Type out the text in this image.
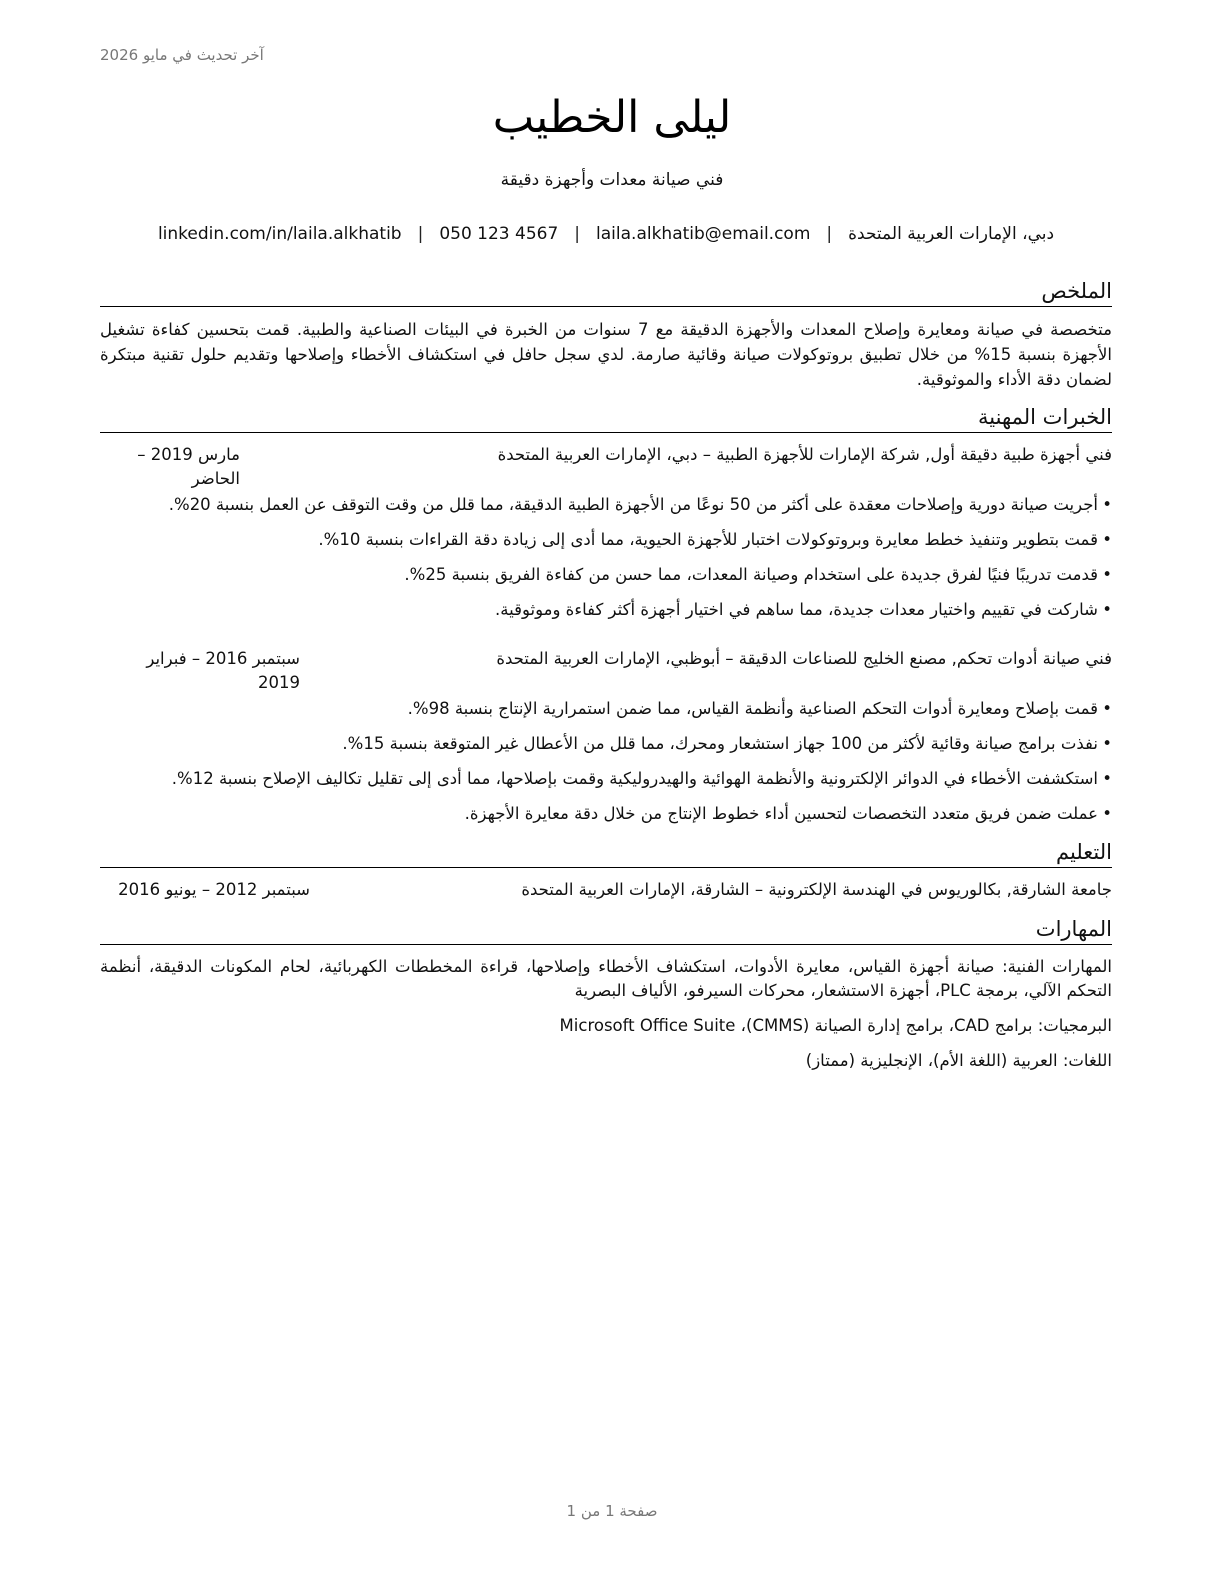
آخر تحديث في مايو 2026
ليلى الخطيب
فني صيانة معدات وأجهزة دقيقة
دبي، الإمارات العربية المتحدة
|
laila.alkhatib@email.com
|
050 123 4567
|
linkedin.com/in/laila.alkhatib
الملخص

متخصصة في صيانة ومعايرة وإصلاح المعدات والأجهزة الدقيقة مع 7 سنوات من الخبرة في البيئات الصناعية والطبية. قمت بتحسين كفاءة تشغيل الأجهزة بنسبة 15% من خلال تطبيق بروتوكولات صيانة وقائية صارمة. لدي سجل حافل في استكشاف الأخطاء وإصلاحها وتقديم حلول تقنية مبتكرة لضمان دقة الأداء والموثوقية.

الخبرات المهنية
فني أجهزة طبية دقيقة أول, شركة الإمارات للأجهزة الطبية – دبي، الإمارات العربية المتحدة
مارس 2019 – الحاضر
• أجريت صيانة دورية وإصلاحات معقدة على أكثر من 50 نوعًا من الأجهزة الطبية الدقيقة، مما قلل من وقت التوقف عن العمل بنسبة 20%.
• قمت بتطوير وتنفيذ خطط معايرة وبروتوكولات اختبار للأجهزة الحيوية، مما أدى إلى زيادة دقة القراءات بنسبة 10%.
• قدمت تدريبًا فنيًا لفرق جديدة على استخدام وصيانة المعدات، مما حسن من كفاءة الفريق بنسبة 25%.
• شاركت في تقييم واختيار معدات جديدة، مما ساهم في اختيار أجهزة أكثر كفاءة وموثوقية.
فني صيانة أدوات تحكم, مصنع الخليج للصناعات الدقيقة – أبوظبي، الإمارات العربية المتحدة
سبتمبر 2016 – فبراير 2019
• قمت بإصلاح ومعايرة أدوات التحكم الصناعية وأنظمة القياس، مما ضمن استمرارية الإنتاج بنسبة 98%.
• نفذت برامج صيانة وقائية لأكثر من 100 جهاز استشعار ومحرك، مما قلل من الأعطال غير المتوقعة بنسبة 15%.
• استكشفت الأخطاء في الدوائر الإلكترونية والأنظمة الهوائية والهيدروليكية وقمت بإصلاحها، مما أدى إلى تقليل تكاليف الإصلاح بنسبة 12%.
• عملت ضمن فريق متعدد التخصصات لتحسين أداء خطوط الإنتاج من خلال دقة معايرة الأجهزة.
التعليم
جامعة الشارقة, بكالوريوس في الهندسة الإلكترونية – الشارقة، الإمارات العربية المتحدة
سبتمبر 2012 – يونيو 2016
المهارات
المهارات الفنية: صيانة أجهزة القياس، معايرة الأدوات، استكشاف الأخطاء وإصلاحها، قراءة المخططات الكهربائية، لحام المكونات الدقيقة، أنظمة التحكم الآلي، برمجة PLC، أجهزة الاستشعار، محركات السيرفو، الألياف البصرية
البرمجيات: برامج CAD، برامج إدارة الصيانة (CMMS)، Microsoft Office Suite
اللغات: العربية (اللغة الأم)، الإنجليزية (ممتاز)
صفحة 1 من 1
